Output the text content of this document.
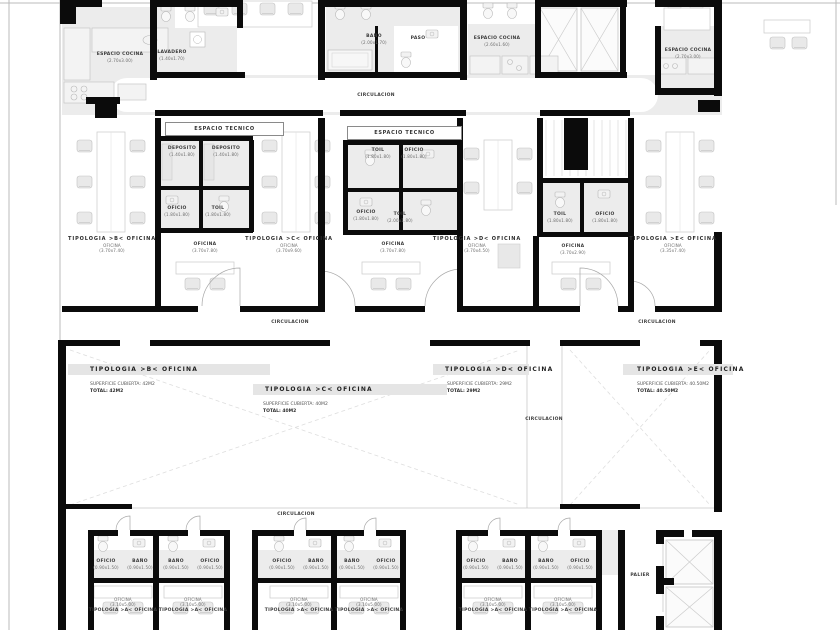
ESPACIO TECNICO
ESPACIO TECNICO
ESPACIO COCINA
(2.70x3.00)
LAVADERO
(1.40x1.70)
BAÑO
(2.00x1.70)
PASO	ESPACIO COCINA
(2.60x1.60)
ESPACIO COCINA
(2.70x3.00)
CIRCULACION
DEPOSITO
(1.40x1.80)
DEPOSITO
(1.40x1.80)
OFICIO
(1.80x1.80)
TOIL
(1.80x1.80)
TOIL
(1.80x1.80)
OFICIO
(1.80x1.80)
OFICIO
(1.80x1.80)
TOIL
(2.00x1.80)
TOIL
(1.80x1.80)
OFICIO
(1.80x1.80)
TIPOLOGIA >B< OFICINA
OFICINA
(3.70x7.40)
OFICINA
(3.70x7.80)
TIPOLOGIA >C< OFICINA
OFICINA
(3.70x9.60)
OFICINA
(3.70x7.80)
TIPOLOGIA >D< OFICINA
OFICINA
(3.70x4.50)
OFICINA
(3.70x2.90)
TIPOLOGIA >E< OFICINA
OFICINA
(3.35x7.40)
CIRCULACION	CIRCULACION
TIPOLOGIA >B< OFICINA
SUPERFICIE CUBIERTA: 42M2
TOTAL: 42M2	TIPOLOGIA >C< OFICINA
SUPERFICIE CUBIERTA: 40M2
TOTAL: 40M2
TIPOLOGIA >D< OFICINA
SUPERFICIE CUBIERTA: 29M2
TOTAL: 29M2
TIPOLOGIA >E< OFICINA
SUPERFICIE CUBIERTA: 40.50M2
TOTAL: 40.50M2
CIRCULACION
CIRCULACION
PALIER
OFICIO
(0.90x1.50)
BAÑO
(0.90x1.50)
OFICINA
(3.10x5.00)
TIPOLOGIA >A< OFICINA
BAÑO
(0.90x1.50)
OFICIO
(0.90x1.50)
OFICINA
(3.10x5.00)
TIPOLOGIA >A< OFICINA
OFICIO
(0.90x1.50)
BAÑO
(0.90x1.50)
OFICINA
(3.10x5.00)
TIPOLOGIA >A< OFICINA
BAÑO
(0.90x1.50)
OFICIO
(0.90x1.50)
OFICINA
(3.10x5.00)
TIPOLOGIA >A< OFICINA
OFICIO
(0.90x1.50)
BAÑO
(0.90x1.50)
OFICINA
(3.10x5.00)
TIPOLOGIA >A< OFICINA
BAÑO
(0.90x1.50)
OFICIO
(0.90x1.50)
OFICINA
(3.10x5.00)
TIPOLOGIA >A< OFICINA
